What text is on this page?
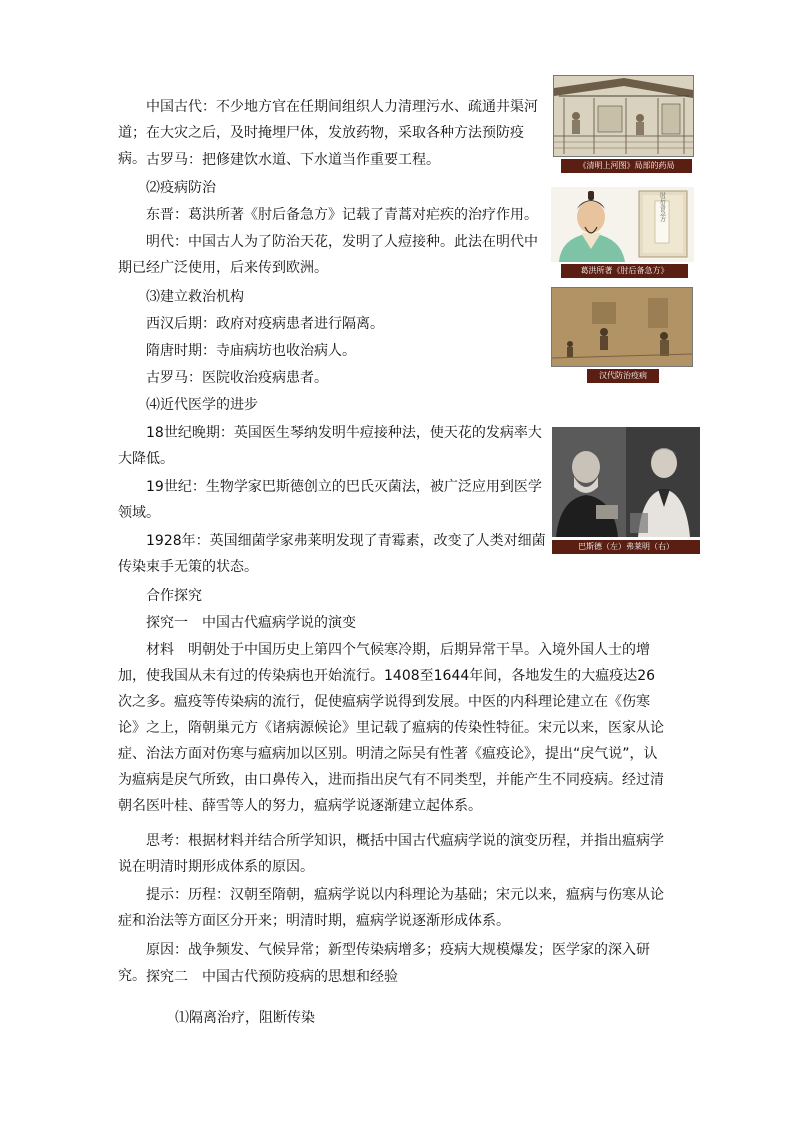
中国古代：不少地方官在任期间组织人力清理污水、疏通井渠河道；在大灾之后，及时掩埋尸体，发放药物，采取各种方法预防疫病。 古罗马：把修建饮水道、下水道当作重要工程。

⑵疫病防治

东晋：葛洪所著《肘后备急方》记载了青蒿对疟疾的治疗作用。

明代：中国古人为了防治天花，发明了人痘接种。此法在明代中期已经广泛使用，后来传到欧洲。

⑶建立救治机构

西汉后期：政府对疫病患者进行隔离。

隋唐时期：寺庙病坊也收治病人。

古罗马：医院收治疫病患者。

⑷近代医学的进步

18世纪晚期：英国医生琴纳发明牛痘接种法，使天花的发病率大大降低。

19世纪：生物学家巴斯德创立的巴氏灭菌法，被广泛应用到医学领域。

1928年：英国细菌学家弗莱明发现了青霉素，改变了人类对细菌传染束手无策的状态。

合作探究

探究一　中国古代瘟病学说的演变

材料　明朝处于中国历史上第四个气候寒冷期，后期异常干旱。入境外国人士的增加，使我国从未有过的传染病也开始流行。1408至1644年间，各地发生的大瘟疫达26次之多。瘟疫等传染病的流行，促使瘟病学说得到发展。中医的内科理论建立在《伤寒论》之上，隋朝巢元方《诸病源候论》里记载了瘟病的传染性特征。宋元以来，医家从论症、治法方面对伤寒与瘟病加以区别。明清之际吴有性著《瘟疫论》，提出“戾气说”，认为瘟病是戾气所致，由口鼻传入，进而指出戾气有不同类型，并能产生不同疫病。经过清朝名医叶桂、薛雪等人的努力，瘟病学说逐渐建立起体系。

思考：根据材料并结合所学知识，概括中国古代瘟病学说的演变历程，并指出瘟病学说在明清时期形成体系的原因。

提示：历程：汉朝至隋朝，瘟病学说以内科理论为基础；宋元以来，瘟病与伤寒从论症和治法等方面区分开来；明清时期，瘟病学说逐渐形成体系。

原因：战争频发、气候异常；新型传染病增多；疫病大规模爆发；医学家的深入研究。 探究二　中国古代预防疫病的思想和经验

⑴隔离治疗，阻断传染

《清明上河图》局部的药局
肘后备急方
葛洪所著《肘后备急方》
汉代防治疫病
巴斯德（左）弗莱明（右）
